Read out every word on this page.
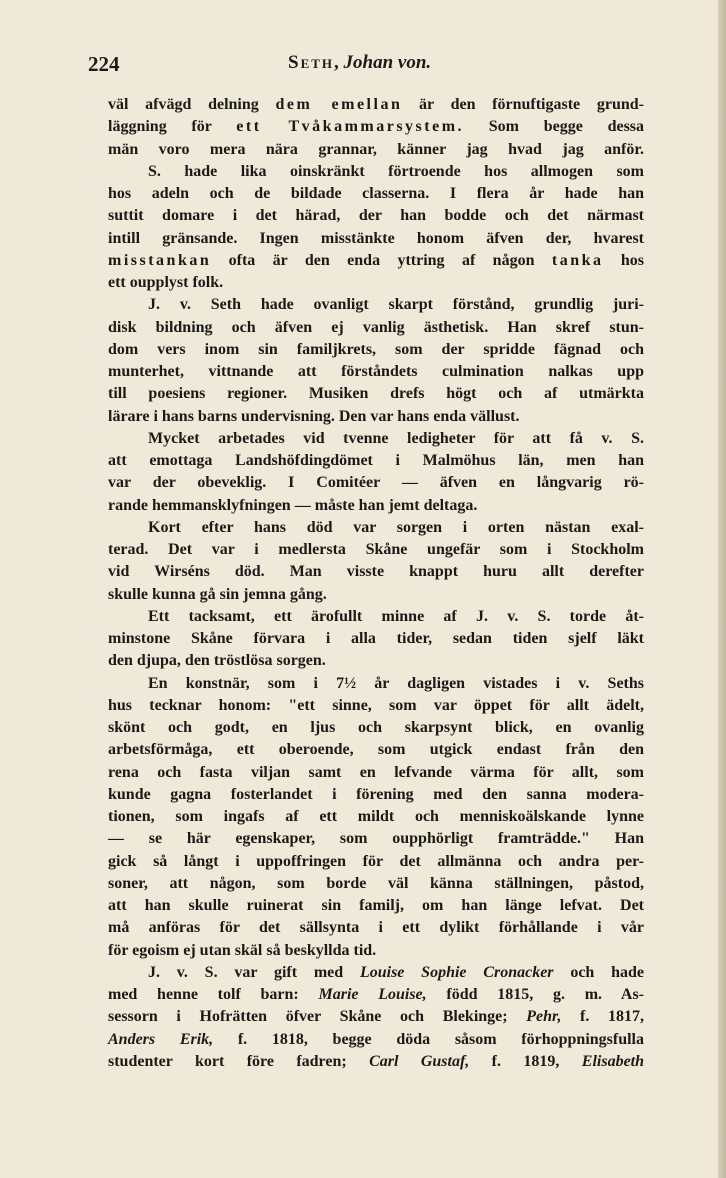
224	Seth, Johan von.
väl afvägd delning dem emellan är den förnuftigaste grund-
läggning för ett Tvåkammarsystem. Som begge dessa
män voro mera nära grannar, känner jag hvad jag anför.
S. hade lika oinskränkt förtroende hos allmogen som
hos adeln och de bildade classerna. I flera år hade han
suttit domare i det härad, der han bodde och det närmast
intill gränsande. Ingen misstänkte honom äfven der, hvarest
misstankan ofta är den enda yttring af någon tanka hos
ett oupplyst folk.
J. v. Seth hade ovanligt skarpt förstånd, grundlig juri-
disk bildning och äfven ej vanlig ästhetisk. Han skref stun-
dom vers inom sin familjkrets, som der spridde fägnad och
munterhet, vittnande att förståndets culmination nalkas upp
till poesiens regioner. Musiken drefs högt och af utmärkta
lärare i hans barns undervisning. Den var hans enda vällust.
Mycket arbetades vid tvenne ledigheter för att få v. S.
att emottaga Landshöfdingdömet i Malmöhus län, men han
var der obeveklig. I Comitéer — äfven en långvarig rö-
rande hemmansklyfningen — måste han jemt deltaga.
Kort efter hans död var sorgen i orten nästan exal-
terad. Det var i medlersta Skåne ungefär som i Stockholm
vid Wirséns död. Man visste knappt huru allt derefter
skulle kunna gå sin jemna gång.
Ett tacksamt, ett ärofullt minne af J. v. S. torde åt-
minstone Skåne förvara i alla tider, sedan tiden sjelf läkt
den djupa, den tröstlösa sorgen.
En konstnär, som i 7½ år dagligen vistades i v. Seths
hus tecknar honom: "ett sinne, som var öppet för allt ädelt,
skönt och godt, en ljus och skarpsynt blick, en ovanlig
arbetsförmåga, ett oberoende, som utgick endast från den
rena och fasta viljan samt en lefvande värma för allt, som
kunde gagna fosterlandet i förening med den sanna modera-
tionen, som ingafs af ett mildt och menniskoälskande lynne
— se här egenskaper, som oupphörligt framträdde." Han
gick så långt i uppoffringen för det allmänna och andra per-
soner, att någon, som borde väl känna ställningen, påstod,
att han skulle ruinerat sin familj, om han länge lefvat. Det
må anföras för det sällsynta i ett dylikt förhållande i vår
för egoism ej utan skäl så beskyllda tid.
J. v. S. var gift med Louise Sophie Cronacker och hade
med henne tolf barn: Marie Louise, född 1815, g. m. As-
sessorn i Hofrätten öfver Skåne och Blekinge; Pehr, f. 1817,
Anders Erik, f. 1818, begge döda såsom förhoppningsfulla
studenter kort före fadren; Carl Gustaf, f. 1819, Elisabeth
